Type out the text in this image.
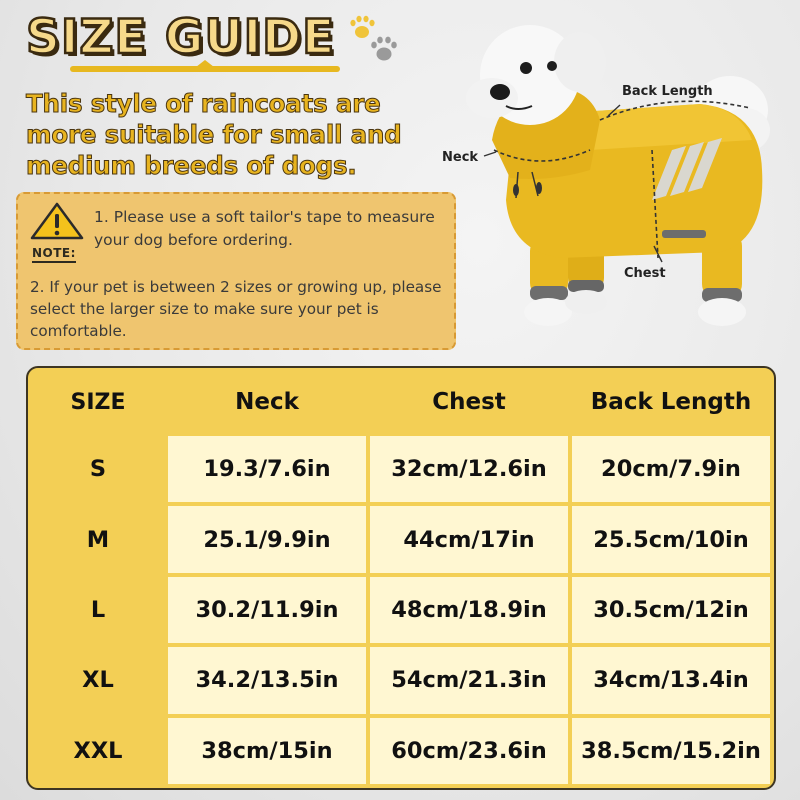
SIZE GUIDE
This style of raincoats are more suitable for small and medium breeds of dogs.
NOTE:
1. Please use a soft tailor's tape to measure your dog before ordering.
2. If your pet is between 2 sizes or growing up, please select the larger size to make sure your pet is comfortable.
Back Length
Neck
Chest
SIZE	Neck	Chest	Back Length
S	19.3/7.6in	32cm/12.6in	20cm/7.9in
M	25.1/9.9in	44cm/17in	25.5cm/10in
L	30.2/11.9in	48cm/18.9in	30.5cm/12in
XL	34.2/13.5in	54cm/21.3in	34cm/13.4in
XXL	38cm/15in	60cm/23.6in	38.5cm/15.2in
